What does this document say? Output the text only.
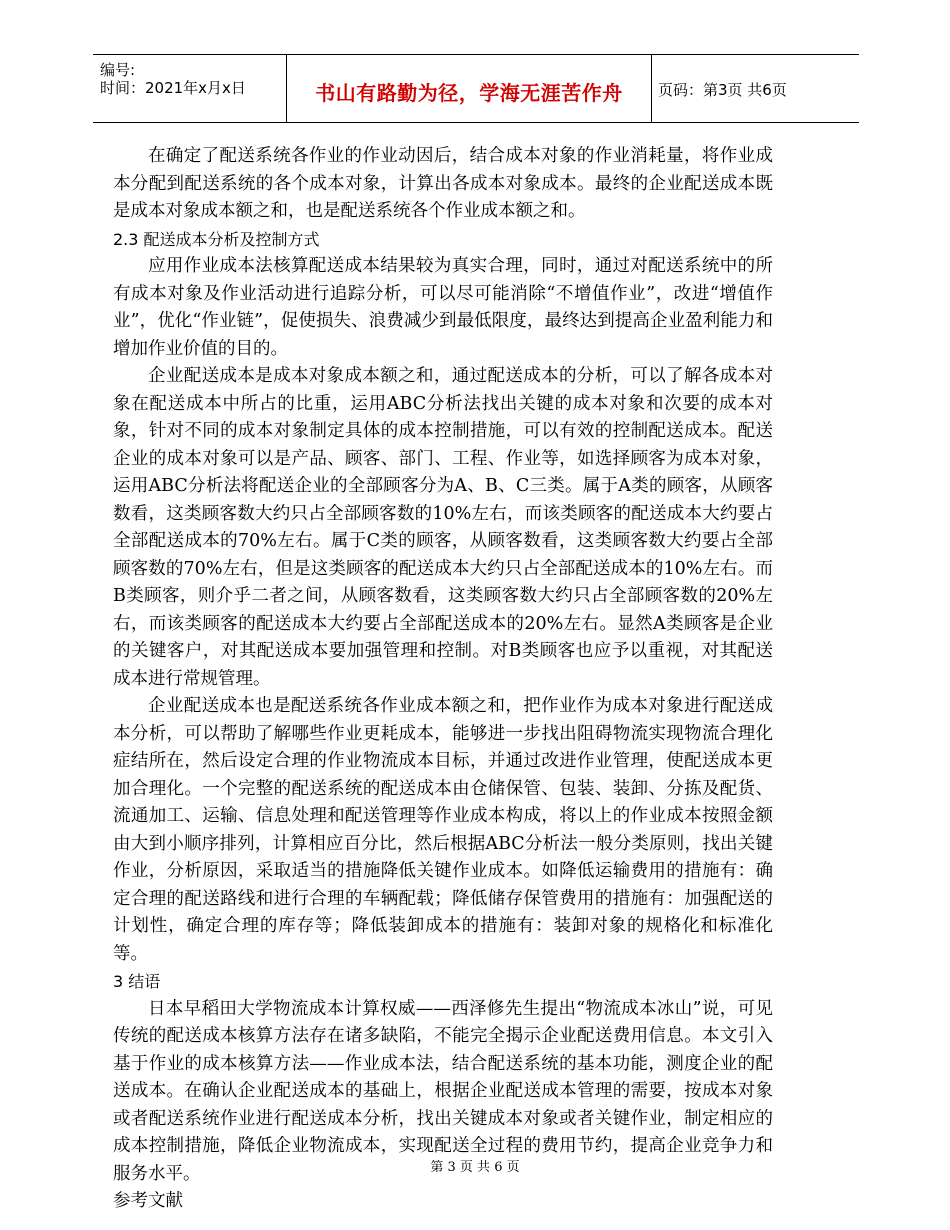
编号:
时间：2021年x月x日	书山有路勤为径，学海无涯苦作舟	页码：第3页 共6页

在确定了配送系统各作业的作业动因后，结合成本对象的作业消耗量，将作业成本分配到配送系统的各个成本对象，计算出各成本对象成本。最终的企业配送成本既是成本对象成本额之和，也是配送系统各个作业成本额之和。

2.3 配送成本分析及控制方式

应用作业成本法核算配送成本结果较为真实合理，同时，通过对配送系统中的所有成本对象及作业活动进行追踪分析，可以尽可能消除“不增值作业”，改进“增值作业”，优化“作业链”，促使损失、浪费减少到最低限度，最终达到提高企业盈利能力和增加作业价值的目的。

企业配送成本是成本对象成本额之和，通过配送成本的分析，可以了解各成本对象在配送成本中所占的比重，运用ABC分析法找出关键的成本对象和次要的成本对象，针对不同的成本对象制定具体的成本控制措施，可以有效的控制配送成本。配送企业的成本对象可以是产品、顾客、部门、工程、作业等，如选择顾客为成本对象，运用ABC分析法将配送企业的全部顾客分为A、B、C三类。属于A类的顾客，从顾客数看，这类顾客数大约只占全部顾客数的10%左右，而该类顾客的配送成本大约要占全部配送成本的70%左右。属于C类的顾客，从顾客数看，这类顾客数大约要占全部顾客数的70%左右，但是这类顾客的配送成本大约只占全部配送成本的10%左右。而B类顾客，则介乎二者之间，从顾客数看，这类顾客数大约只占全部顾客数的20%左右，而该类顾客的配送成本大约要占全部配送成本的20%左右。显然A类顾客是企业的关键客户，对其配送成本要加强管理和控制。对B类顾客也应予以重视，对其配送成本进行常规管理。

企业配送成本也是配送系统各作业成本额之和，把作业作为成本对象进行配送成本分析，可以帮助了解哪些作业更耗成本，能够进一步找出阻碍物流实现物流合理化症结所在，然后设定合理的作业物流成本目标，并通过改进作业管理，使配送成本更加合理化。一个完整的配送系统的配送成本由仓储保管、包装、装卸、分拣及配货、流通加工、运输、信息处理和配送管理等作业成本构成，将以上的作业成本按照金额由大到小顺序排列，计算相应百分比，然后根据ABC分析法一般分类原则，找出关键作业，分析原因，采取适当的措施降低关键作业成本。如降低运输费用的措施有：确定合理的配送路线和进行合理的车辆配载；降低储存保管费用的措施有：加强配送的计划性，确定合理的库存等；降低装卸成本的措施有：装卸对象的规格化和标准化等。

3 结语

日本早稻田大学物流成本计算权威——西泽修先生提出“物流成本冰山”说，可见传统的配送成本核算方法存在诸多缺陷，不能完全揭示企业配送费用信息。本文引入基于作业的成本核算方法——作业成本法，结合配送系统的基本功能，测度企业的配送成本。在确认企业配送成本的基础上，根据企业配送成本管理的需要，按成本对象或者配送系统作业进行配送成本分析，找出关键成本对象或者关键作业，制定相应的成本控制措施，降低企业物流成本，实现配送全过程的费用节约，提高企业竞争力和服务水平。

参考文献

第 3 页 共 6 页
